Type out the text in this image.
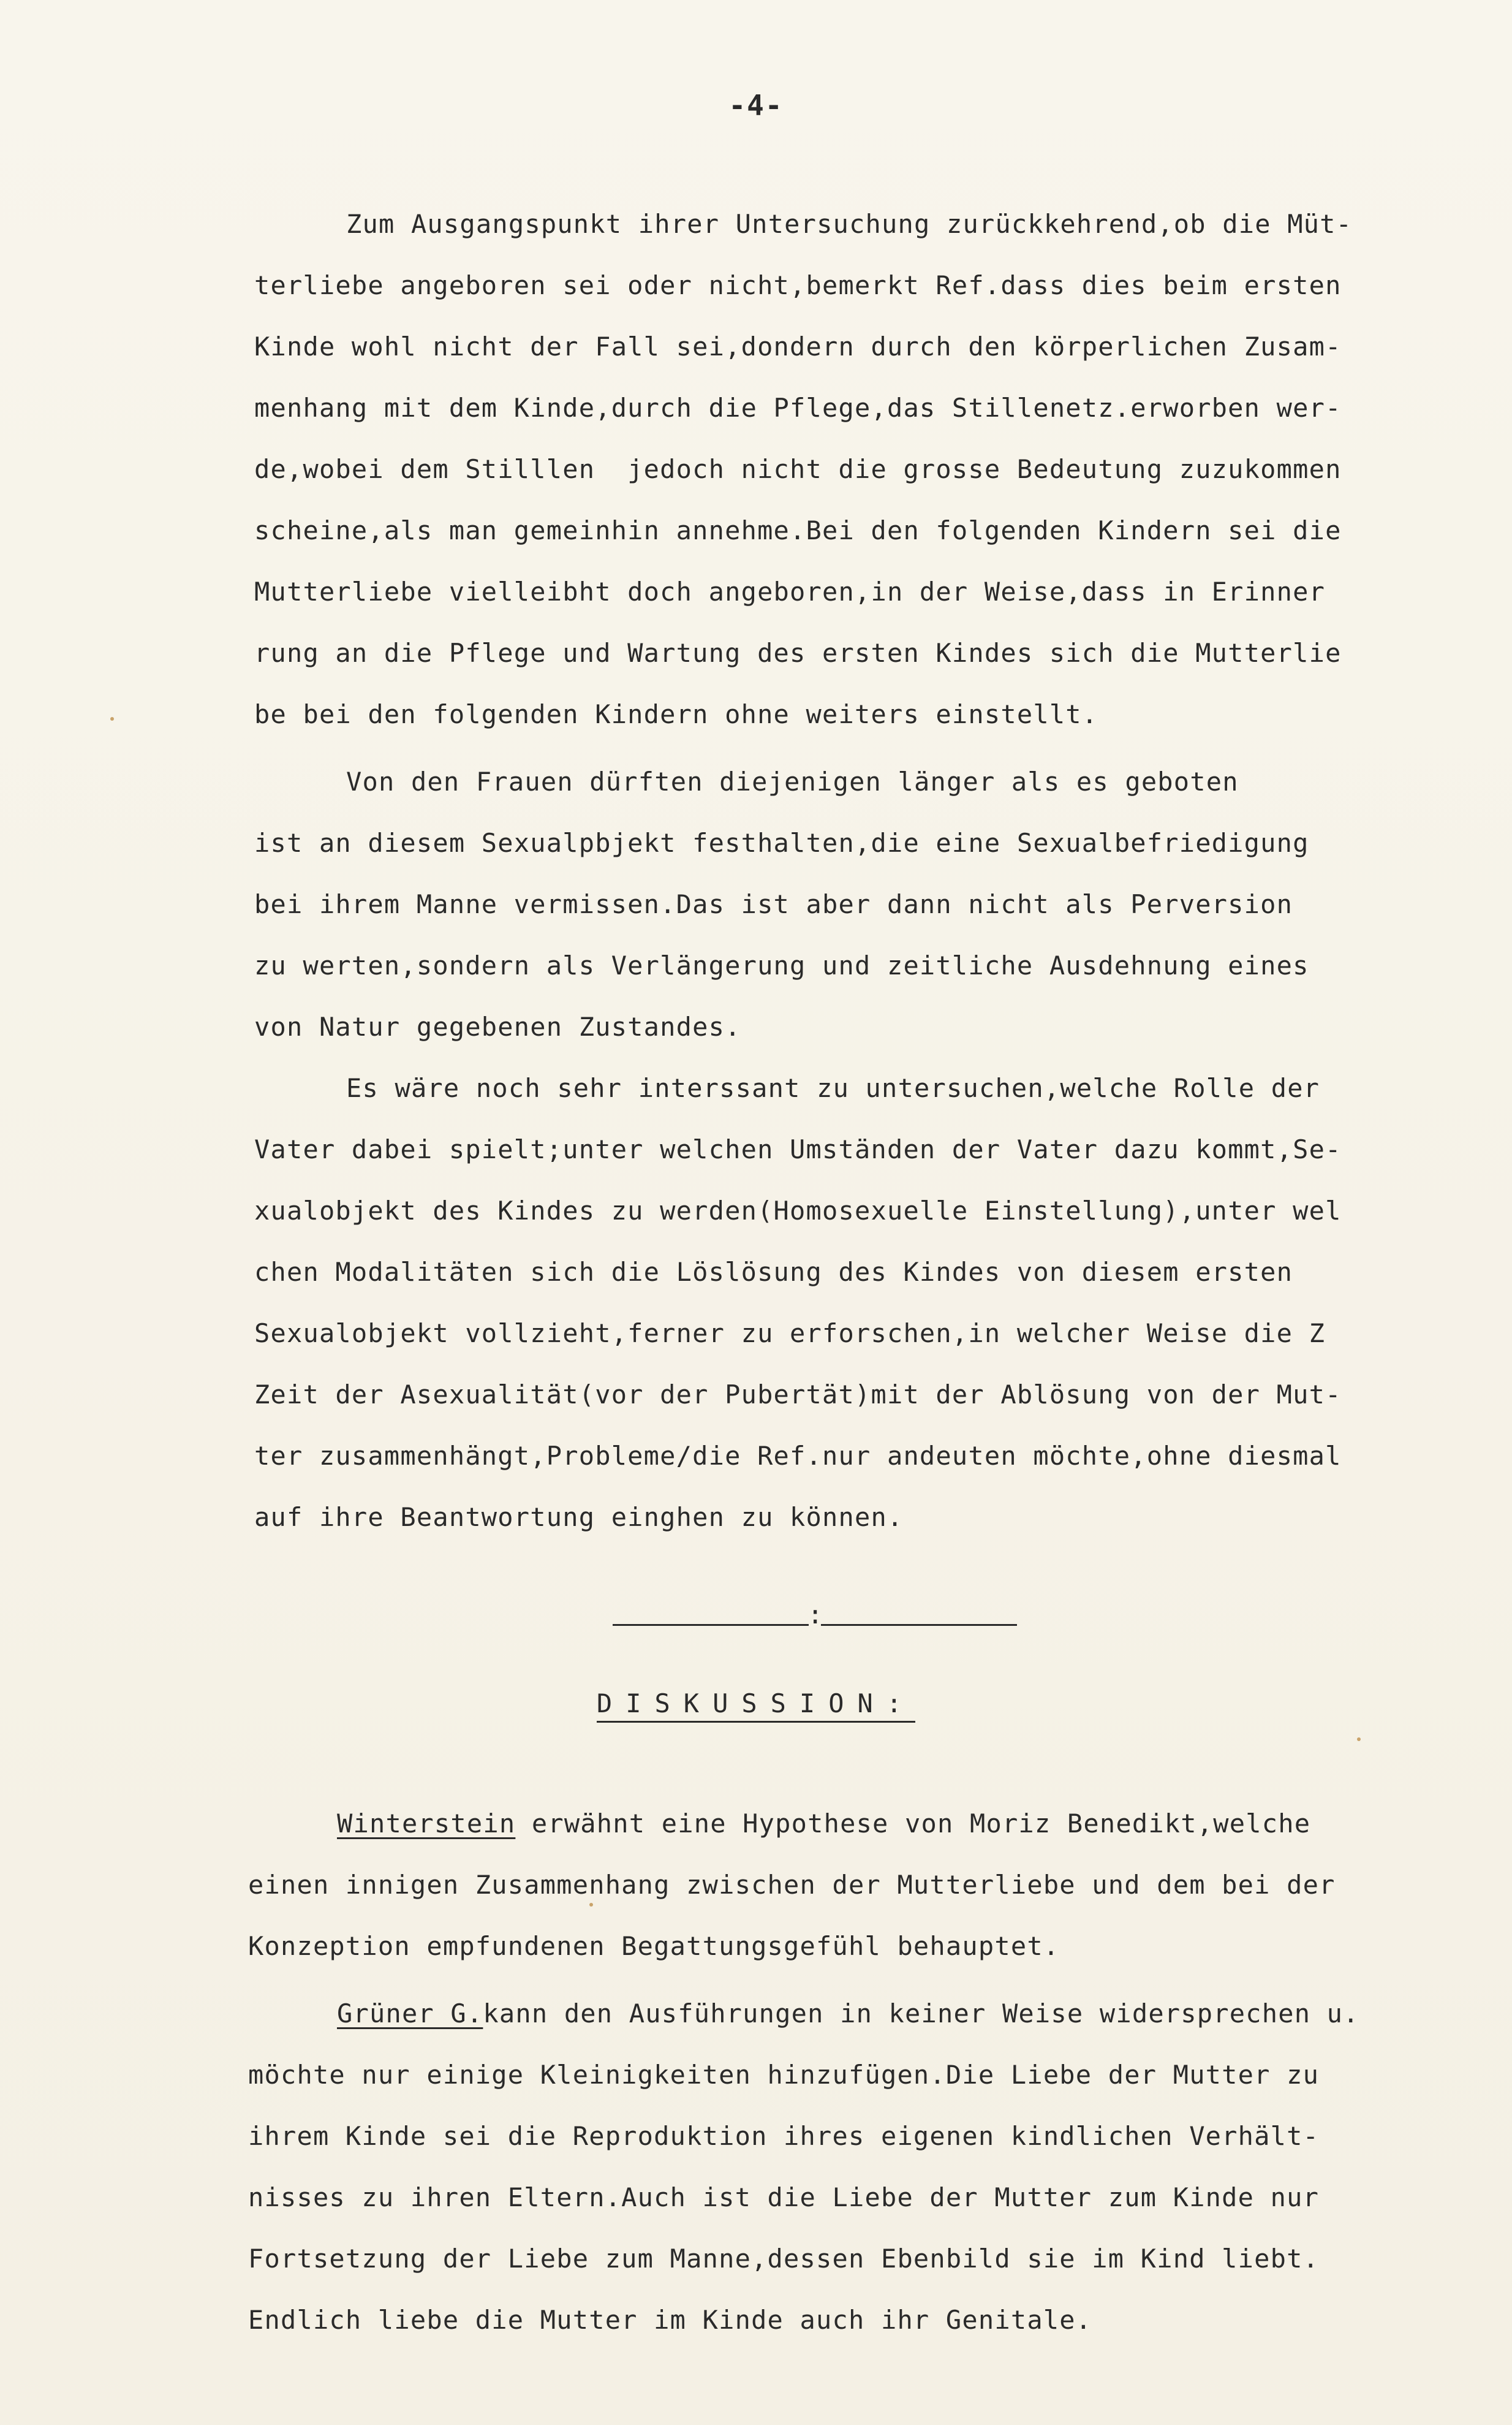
-4-
Zum Ausgangspunkt ihrer Untersuchung zurückkehrend,ob die Müt-
terliebe angeboren sei oder nicht,bemerkt Ref.dass dies beim ersten
Kinde wohl nicht der Fall sei,dondern durch den körperlichen Zusam-
menhang mit dem Kinde,durch die Pflege,das Stillenetz.erworben wer-
de,wobei dem Stilllen  jedoch nicht die grosse Bedeutung zuzukommen
scheine,als man gemeinhin annehme.Bei den folgenden Kindern sei die
Mutterliebe vielleibht doch angeboren,in der Weise,dass in Erinner
rung an die Pflege und Wartung des ersten Kindes sich die Mutterlie
be bei den folgenden Kindern ohne weiters einstellt.
Von den Frauen dürften diejenigen länger als es geboten
ist an diesem Sexualpbjekt festhalten,die eine Sexualbefriedigung
bei ihrem Manne vermissen.Das ist aber dann nicht als Perversion
zu werten,sondern als Verlängerung und zeitliche Ausdehnung eines
von Natur gegebenen Zustandes.
Es wäre noch sehr interssant zu untersuchen,welche Rolle der
Vater dabei spielt;unter welchen Umständen der Vater dazu kommt,Se-
xualobjekt des Kindes zu werden(Homosexuelle Einstellung),unter wel
chen Modalitäten sich die Löslösung des Kindes von diesem ersten
Sexualobjekt vollzieht,ferner zu erforschen,in welcher Weise die Z
Zeit der Asexualität(vor der Pubertät)mit der Ablösung von der Mut-
ter zusammenhängt,Probleme/die Ref.nur andeuten möchte,ohne diesmal
auf ihre Beantwortung einghen zu können.
:
DISKUSSION:
Winterstein erwähnt eine Hypothese von Moriz Benedikt,welche
einen innigen Zusammenhang zwischen der Mutterliebe und dem bei der
Konzeption empfundenen Begattungsgefühl behauptet.
Grüner G.kann den Ausführungen in keiner Weise widersprechen u.
möchte nur einige Kleinigkeiten hinzufügen.Die Liebe der Mutter zu
ihrem Kinde sei die Reproduktion ihres eigenen kindlichen Verhält-
nisses zu ihren Eltern.Auch ist die Liebe der Mutter zum Kinde nur
Fortsetzung der Liebe zum Manne,dessen Ebenbild sie im Kind liebt.
Endlich liebe die Mutter im Kinde auch ihr Genitale.
